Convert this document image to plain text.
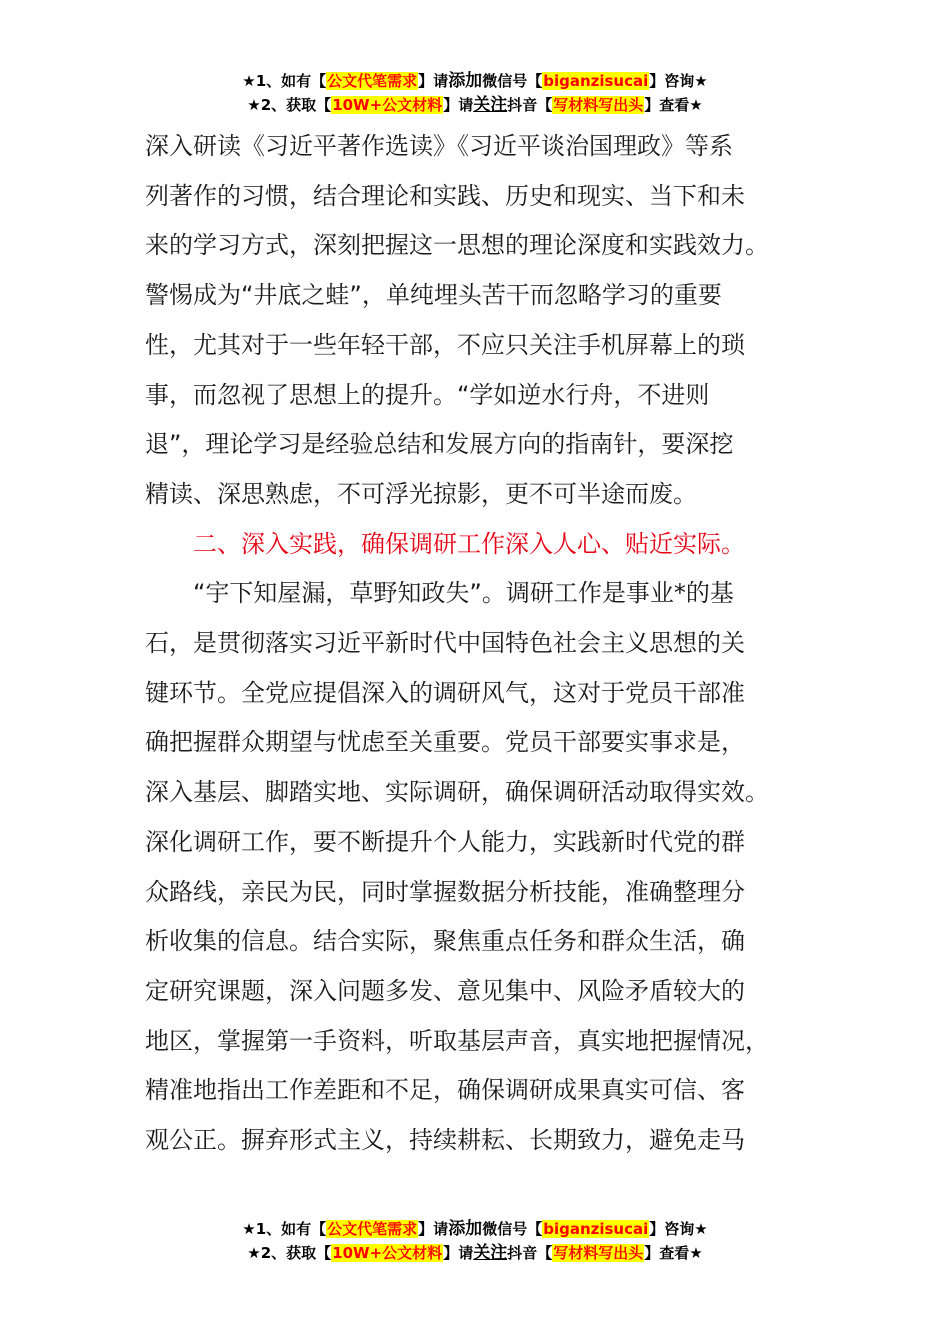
★1、如有【公文代笔需求】请添加微信号【biganzisucai】咨询★
★2、获取【10W+公文材料】请关注抖音【写材料写出头】查看★

深入研读《习近平著作选读》《习近平谈治国理政》等系

列著作的习惯，结合理论和实践、历史和现实、当下和未

来的学习方式，深刻把握这一思想的理论深度和实践效力。

警惕成为“井底之蛙”，单纯埋头苦干而忽略学习的重要

性，尤其对于一些年轻干部，不应只关注手机屏幕上的琐

事，而忽视了思想上的提升。“学如逆水行舟，不进则

退”，理论学习是经验总结和发展方向的指南针，要深挖

精读、深思熟虑，不可浮光掠影，更不可半途而废。

二、深入实践，确保调研工作深入人心、贴近实际。

“宇下知屋漏，草野知政失”。调研工作是事业*的基

石，是贯彻落实习近平新时代中国特色社会主义思想的关

键环节。全党应提倡深入的调研风气，这对于党员干部准

确把握群众期望与忧虑至关重要。党员干部要实事求是，

深入基层、脚踏实地、实际调研，确保调研活动取得实效。

深化调研工作，要不断提升个人能力，实践新时代党的群

众路线，亲民为民，同时掌握数据分析技能，准确整理分

析收集的信息。结合实际，聚焦重点任务和群众生活，确

定研究课题，深入问题多发、意见集中、风险矛盾较大的

地区，掌握第一手资料，听取基层声音，真实地把握情况，

精准地指出工作差距和不足，确保调研成果真实可信、客

观公正。摒弃形式主义，持续耕耘、长期致力，避免走马

★1、如有【公文代笔需求】请添加微信号【biganzisucai】咨询★
★2、获取【10W+公文材料】请关注抖音【写材料写出头】查看★
